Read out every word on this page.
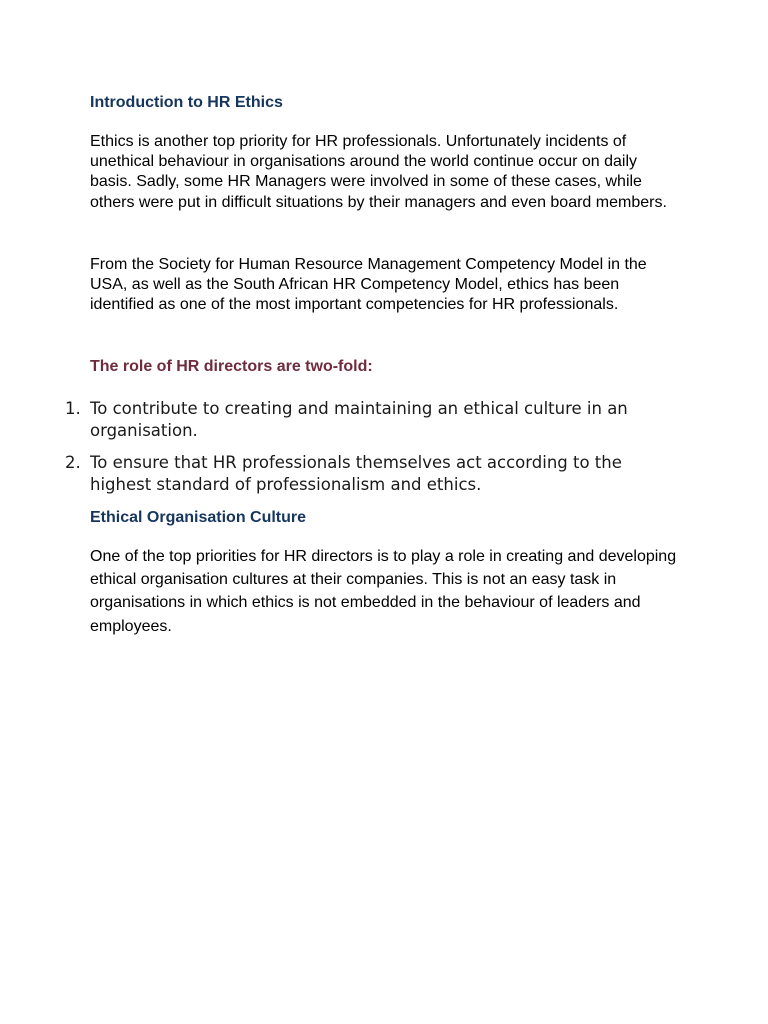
Introduction to HR Ethics

Ethics is another top priority for HR professionals. Unfortunately incidents of unethical behaviour in organisations around the world continue occur on daily basis. Sadly, some HR Managers were involved in some of these cases, while others were put in difficult situations by their managers and even board members.

From the Society for Human Resource Management Competency Model in the USA, as well as the South African HR Competency Model, ethics has been identified as one of the most important competencies for HR professionals.

The role of HR directors are two-fold:
1. To contribute to creating and maintaining an ethical culture in an organisation.
2. To ensure that HR professionals themselves act according to the highest standard of professionalism and ethics.
Ethical Organisation Culture

One of the top priorities for HR directors is to play a role in creating and developing ethical organisation cultures at their companies. This is not an easy task in organisations in which ethics is not embedded in the behaviour of leaders and employees.
